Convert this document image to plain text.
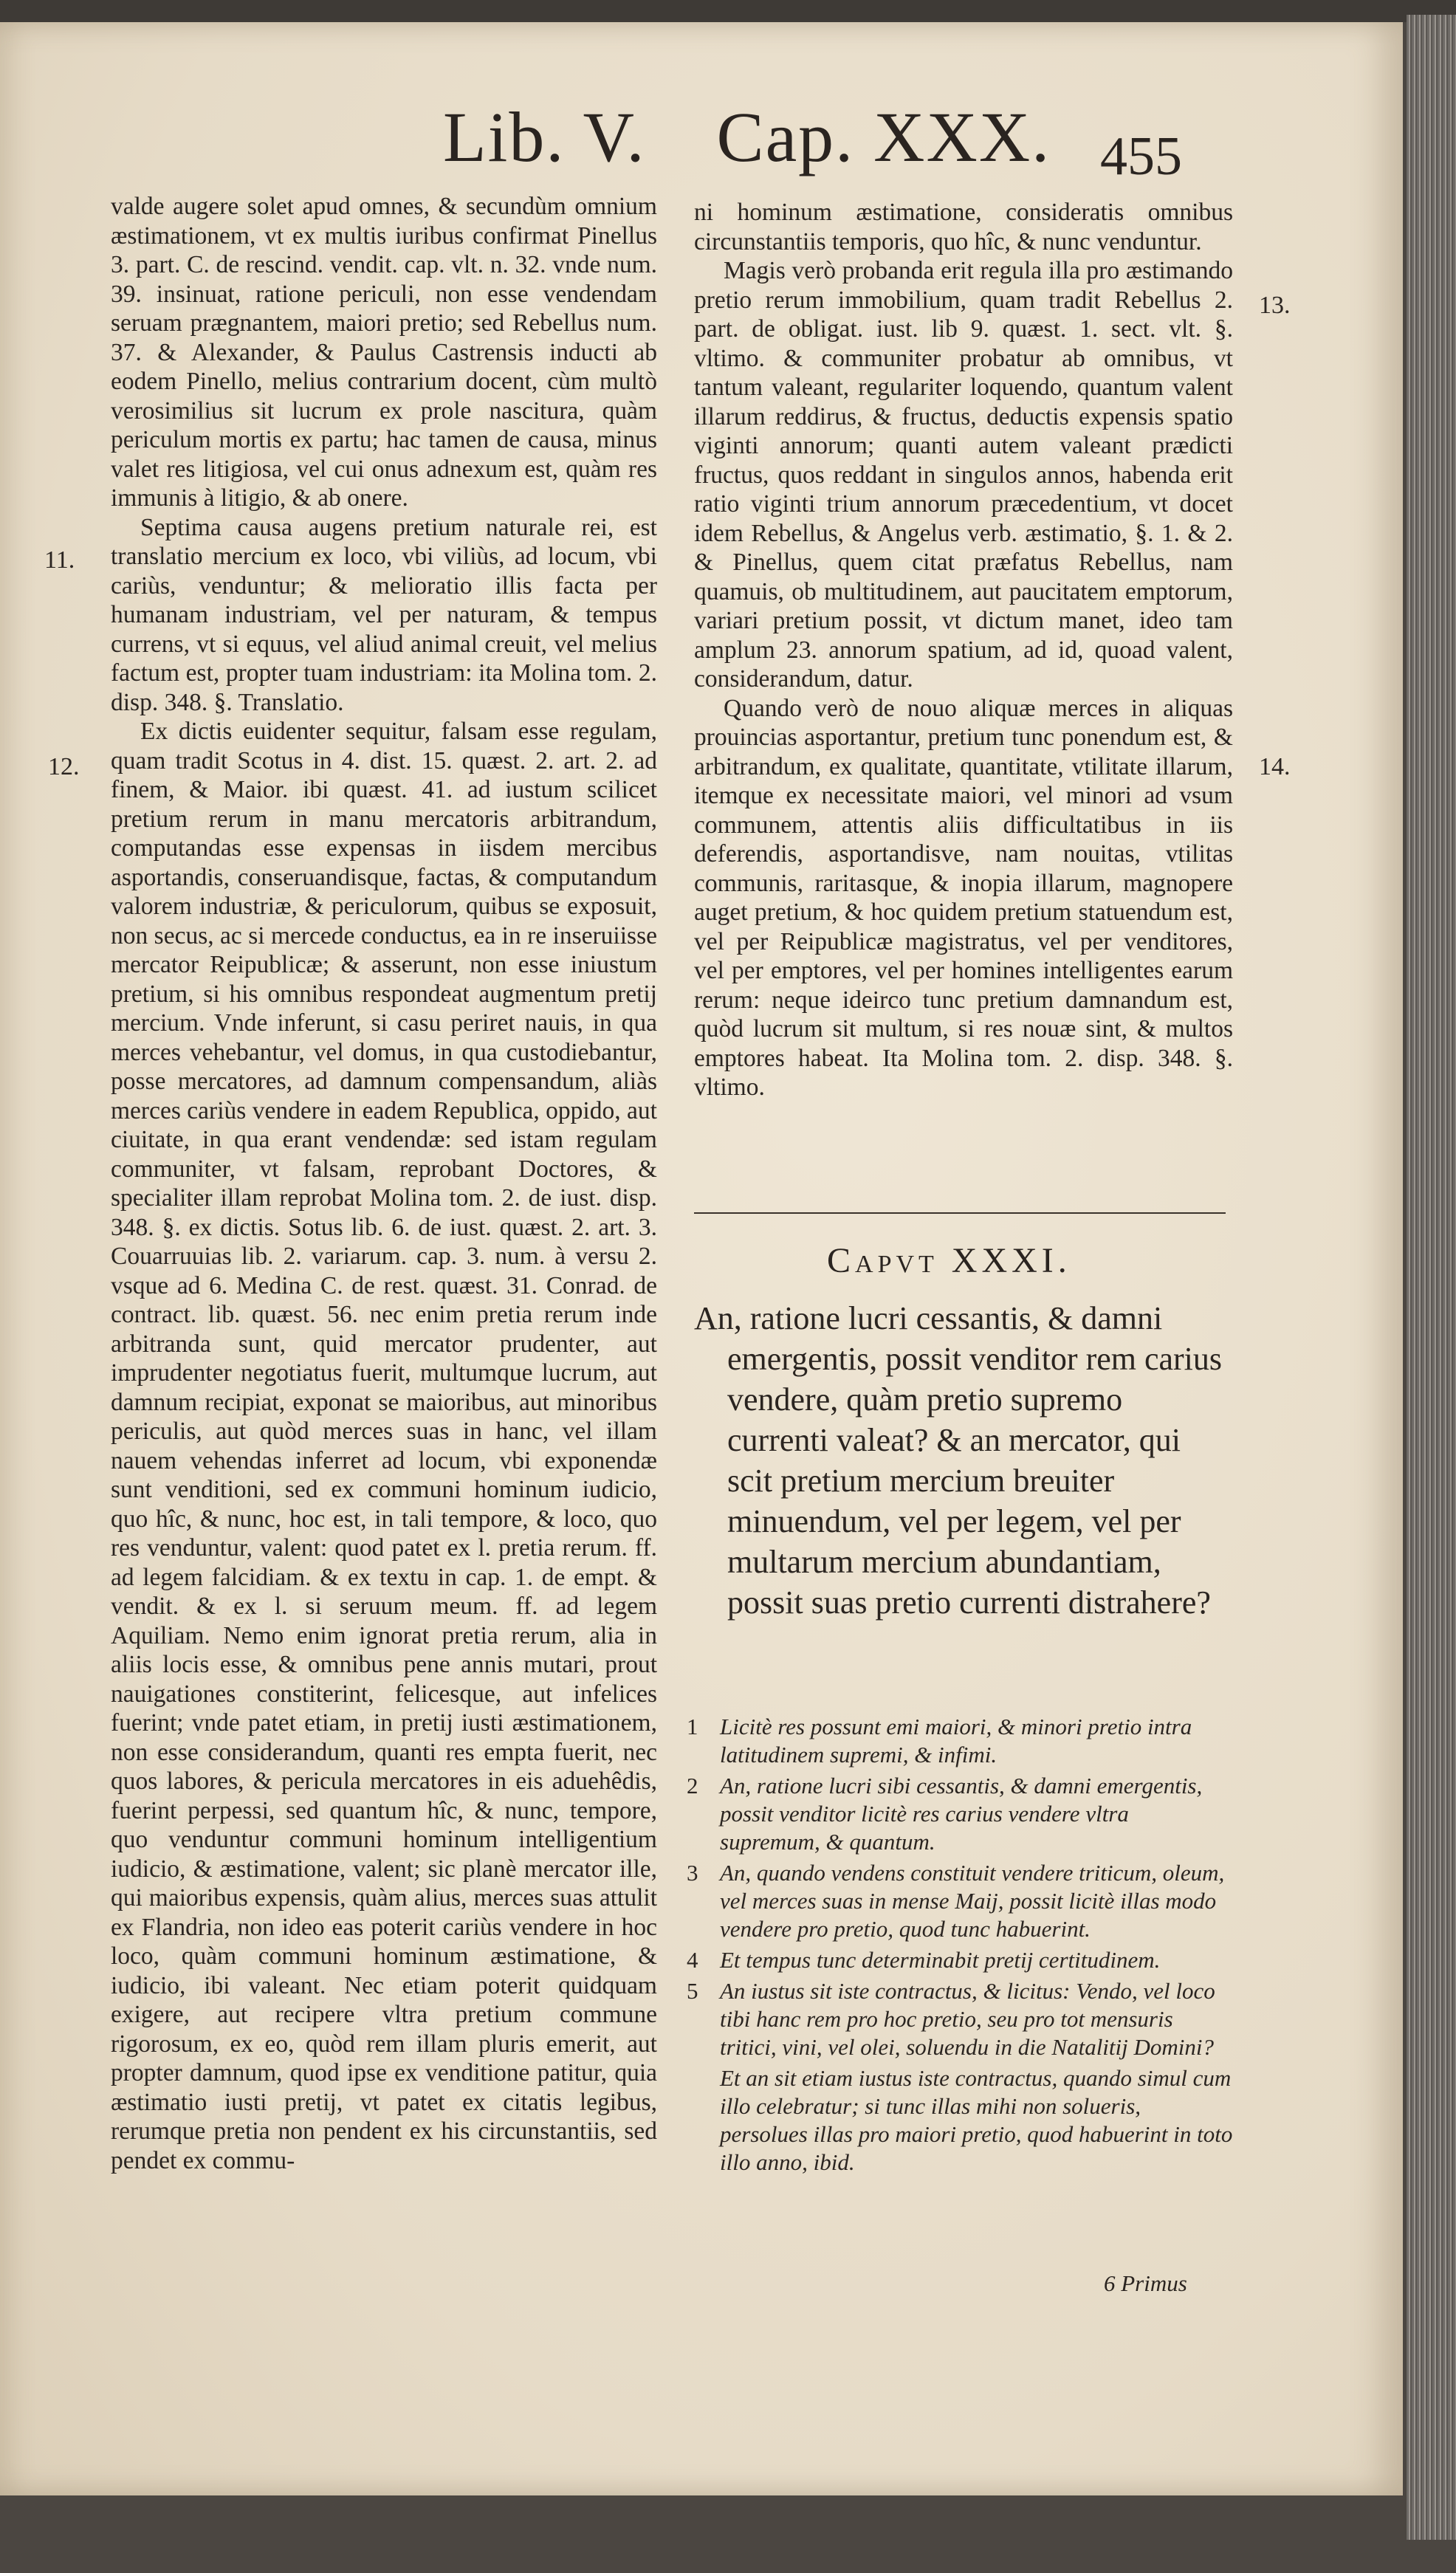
Lib. V. Cap. XXX. 455

valde augere solet apud omnes, & secundùm omnium æstimationem, vt ex multis iuribus confirmat Pinellus 3. part. C. de rescind. vendit. cap. vlt. n. 32. vnde num. 39. insinuat, ratione periculi, non esse vendendam seruam prægnantem, maiori pretio; sed Rebellus num. 37. & Alexander, & Paulus Castrensis inducti ab eodem Pinello, melius contrarium docent, cùm multò verosimilius sit lucrum ex prole nascitura, quàm periculum mortis ex partu; hac tamen de causa, minus valet res litigiosa, vel cui onus adnexum est, quàm res immunis à litigio, & ab onere.

Septima causa augens pretium naturale rei, est translatio mercium ex loco, vbi viliùs, ad locum, vbi cariùs, venduntur; & melioratio illis facta per humanam industriam, vel per naturam, & tempus currens, vt si equus, vel aliud animal creuit, vel melius factum est, propter tuam industriam: ita Molina tom. 2. disp. 348. §. Translatio.

Ex dictis euidenter sequitur, falsam esse regulam, quam tradit Scotus in 4. dist. 15. quæst. 2. art. 2. ad finem, & Maior. ibi quæst. 41. ad iustum scilicet pretium rerum in manu mercatoris arbitrandum, computandas esse expensas in iisdem mercibus asportandis, conseruandisque, factas, & computandum valorem industriæ, & periculorum, quibus se exposuit, non secus, ac si mercede conductus, ea in re inseruiisse mercator Reipublicæ; & asserunt, non esse iniustum pretium, si his omnibus respondeat augmentum pretij mercium. Vnde inferunt, si casu periret nauis, in qua merces vehebantur, vel domus, in qua custodiebantur, posse mercatores, ad damnum compensandum, aliàs merces cariùs vendere in eadem Republica, oppido, aut ciuitate, in qua erant vendendæ: sed istam regulam communiter, vt falsam, reprobant Doctores, & specialiter illam reprobat Molina tom. 2. de iust. disp. 348. §. ex dictis. Sotus lib. 6. de iust. quæst. 2. art. 3. Couarruuias lib. 2. variarum. cap. 3. num. à versu 2. vsque ad 6. Medina C. de rest. quæst. 31. Conrad. de contract. lib. quæst. 56. nec enim pretia rerum inde arbitranda sunt, quid mercator prudenter, aut imprudenter negotiatus fuerit, multumque lucrum, aut damnum recipiat, exponat se maioribus, aut minoribus periculis, aut quòd merces suas in hanc, vel illam nauem vehendas inferret ad locum, vbi exponendæ sunt venditioni, sed ex communi hominum iudicio, quo hîc, & nunc, hoc est, in tali tempore, & loco, quo res venduntur, valent: quod patet ex l. pretia rerum. ff. ad legem falcidiam. & ex textu in cap. 1. de empt. & vendit. & ex l. si seruum meum. ff. ad legem Aquiliam. Nemo enim ignorat pretia rerum, alia in aliis locis esse, & omnibus pene annis mutari, prout nauigationes constiterint, felicesque, aut infelices fuerint; vnde patet etiam, in pretij iusti æstimationem, non esse considerandum, quanti res empta fuerit, nec quos labores, & pericula mercatores in eis aduehêdis, fuerint perpessi, sed quantum hîc, & nunc, tempore, quo venduntur communi hominum intelligentium iudicio, & æstimatione, valent; sic planè mercator ille, qui maioribus expensis, quàm alius, merces suas attulit ex Flandria, non ideo eas poterit cariùs vendere in hoc loco, quàm communi hominum æstimatione, & iudicio, ibi valeant. Nec etiam poterit quidquam exigere, aut recipere vltra pretium commune rigorosum, ex eo, quòd rem illam pluris emerit, aut propter damnum, quod ipse ex venditione patitur, quia æstimatio iusti pretij, vt patet ex citatis legibus, rerumque pretia non pendent ex his circunstantiis, sed pendet ex commu-

11.
12.

ni hominum æstimatione, consideratis omnibus circunstantiis temporis, quo hîc, & nunc venduntur.

Magis verò probanda erit regula illa pro æstimando pretio rerum immobilium, quam tradit Rebellus 2. part. de obligat. iust. lib 9. quæst. 1. sect. vlt. §. vltimo. & communiter probatur ab omnibus, vt tantum valeant, regulariter loquendo, quantum valent illarum reddirus, & fructus, deductis expensis spatio viginti annorum; quanti autem valeant prædicti fructus, quos reddant in singulos annos, habenda erit ratio viginti trium annorum præcedentium, vt docet idem Rebellus, & Angelus verb. æstimatio, §. 1. & 2. & Pinellus, quem citat præfatus Rebellus, nam quamuis, ob multitudinem, aut paucitatem emptorum, variari pretium possit, vt dictum manet, ideo tam amplum 23. annorum spatium, ad id, quoad valent, considerandum, datur.

Quando verò de nouo aliquæ merces in aliquas prouincias asportantur, pretium tunc ponendum est, & arbitrandum, ex qualitate, quantitate, vtilitate illarum, itemque ex necessitate maiori, vel minori ad vsum communem, attentis aliis difficultatibus in iis deferendis, asportandisve, nam nouitas, vtilitas communis, raritasque, & inopia illarum, magnopere auget pretium, & hoc quidem pretium statuendum est, vel per Reipublicæ magistratus, vel per venditores, vel per emptores, vel per homines intelligentes earum rerum: neque ideirco tunc pretium damnandum est, quòd lucrum sit multum, si res nouæ sint, & multos emptores habeat. Ita Molina tom. 2. disp. 348. §. vltimo.

13.
14.
Capvt XXXI.
An, ratione lucri cessantis, & damni
emergentis, possit venditor rem carius vendere, quàm pretio supremo currenti valeat? & an mercator, qui scit pretium mercium breuiter minuendum, vel per legem, vel per multarum mercium abundantiam, possit suas pretio currenti distrahere?
1 Licitè res possunt emi maiori, & minori pretio intra latitudinem supremi, & infimi.
2 An, ratione lucri sibi cessantis, & damni emergentis, possit venditor licitè res carius vendere vltra supremum, & quantum.
3 An, quando vendens constituit vendere triticum, oleum, vel merces suas in mense Maij, possit licitè illas modo vendere pro pretio, quod tunc habuerint.
4 Et tempus tunc determinabit pretij certitudinem.
5 An iustus sit iste contractus, & licitus: Vendo, vel loco tibi hanc rem pro hoc pretio, seu pro tot mensuris tritici, vini, vel olei, soluendu in die Natalitij Domini?
Et an sit etiam iustus iste contractus, quando simul cum illo celebratur; si tunc illas mihi non solueris, persolues illas pro maiori pretio, quod habuerint in toto illo anno, ibid.
6 Primus
